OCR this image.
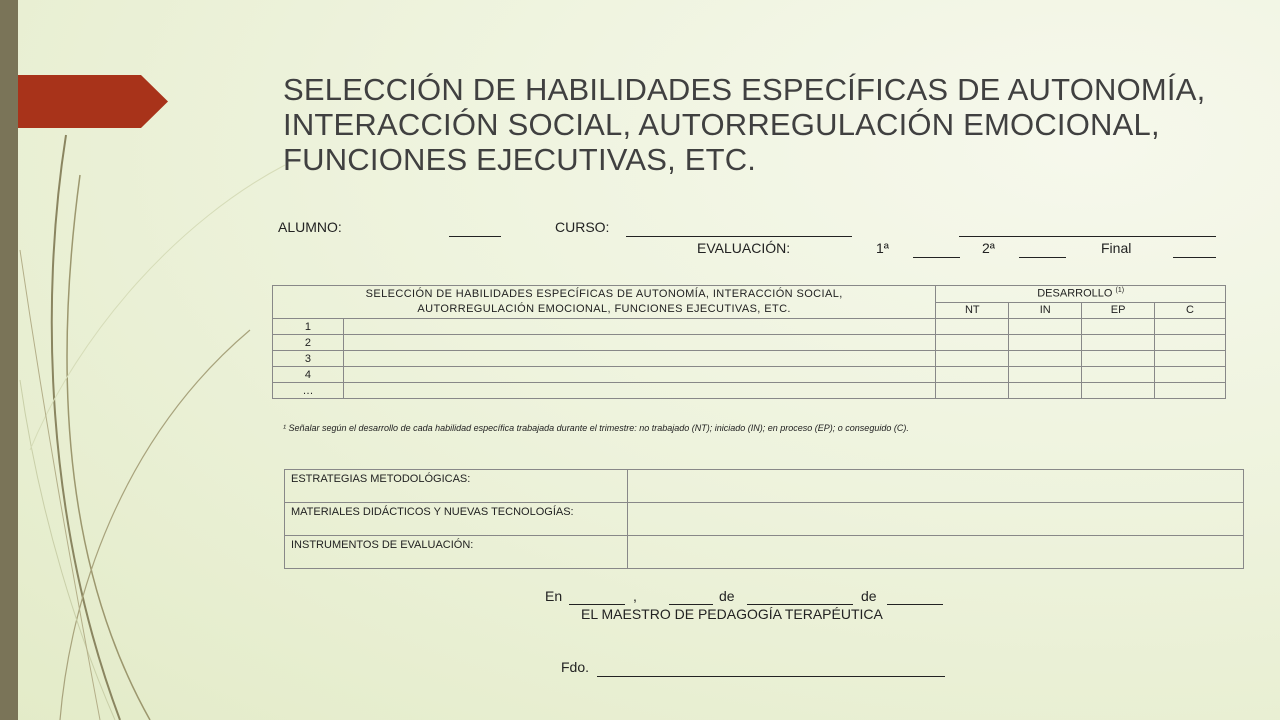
SELECCIÓN DE HABILIDADES ESPECÍFICAS DE AUTONOMÍA, INTERACCIÓN SOCIAL, AUTORREGULACIÓN EMOCIONAL, FUNCIONES EJECUTIVAS, ETC.
ALUMNO:	CURSO:
EVALUACIÓN:	1ª	2ª	Final
SELECCIÓN DE HABILIDADES ESPECÍFICAS DE AUTONOMÍA, INTERACCIÓN SOCIAL, AUTORREGULACIÓN EMOCIONAL, FUNCIONES EJECUTIVAS, ETC.		DESARROLLO $^{(1)}$
		NT	IN	EP	C
1					
2					
3					
4					
…					
¹ Señalar según el desarrollo de cada habilidad específica trabajada durante el trimestre: no trabajado (NT); iniciado (IN); en proceso (EP); o conseguido (C).
ESTRATEGIAS METODOLÓGICAS:	
MATERIALES DIDÁCTICOS Y NUEVAS TECNOLOGÍAS:	
INSTRUMENTOS DE EVALUACIÓN:	
En	,	de	de
EL MAESTRO DE PEDAGOGÍA TERAPÉUTICA
Fdo.
